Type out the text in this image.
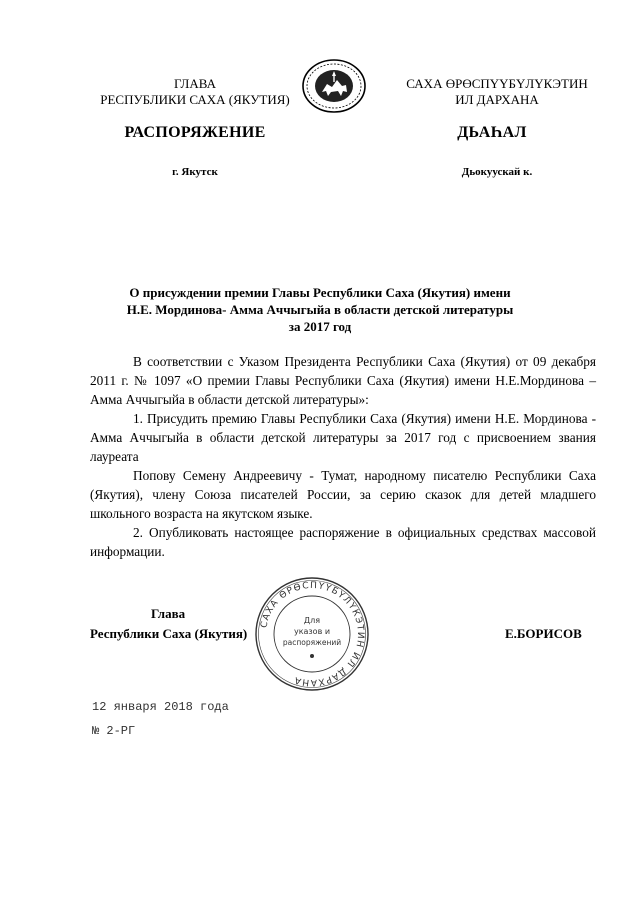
ГЛАВА
РЕСПУБЛИКИ САХА (ЯКУТИЯ)
САХА ӨРӨСПҮҮБҮЛҮКЭТИН
ИЛ ДАРХАНА
РАСПОРЯЖЕНИЕ	ДЬАҺАЛ
г. Якутск	Дьокуускай к.
О присуждении премии Главы Республики Саха (Якутия) имени
Н.Е. Мординова- Амма Аччыгыйа в области детской литературы
за 2017 год

В соответствии с Указом Президента Республики Саха (Якутия) от 09 декабря 2011 г. № 1097 «О премии Главы Республики Саха (Якутия) имени Н.Е.Мординова – Амма Аччыгыйа в области детской литературы»:

1. Присудить премию Главы Республики Саха (Якутия) имени Н.Е. Мординова - Амма Аччыгыйа в области детской литературы за 2017 год с присвоением звания лауреата

Попову Семену Андреевичу - Тумат, народному писателю Республики Саха (Якутия), члену Союза писателей России, за серию сказок для детей младшего школьного возраста на якутском языке.

2. Опубликовать настоящее распоряжение в официальных средствах массовой информации.

Глава
Республики Саха (Якутия)	Е.БОРИСОВ
САХА ӨРӨСПҮҮБҮЛҮКЭТИН ИЛ ДАРХАНА
Для
указов и
распоряжений
12 января 2018 года
№ 2-РГ
